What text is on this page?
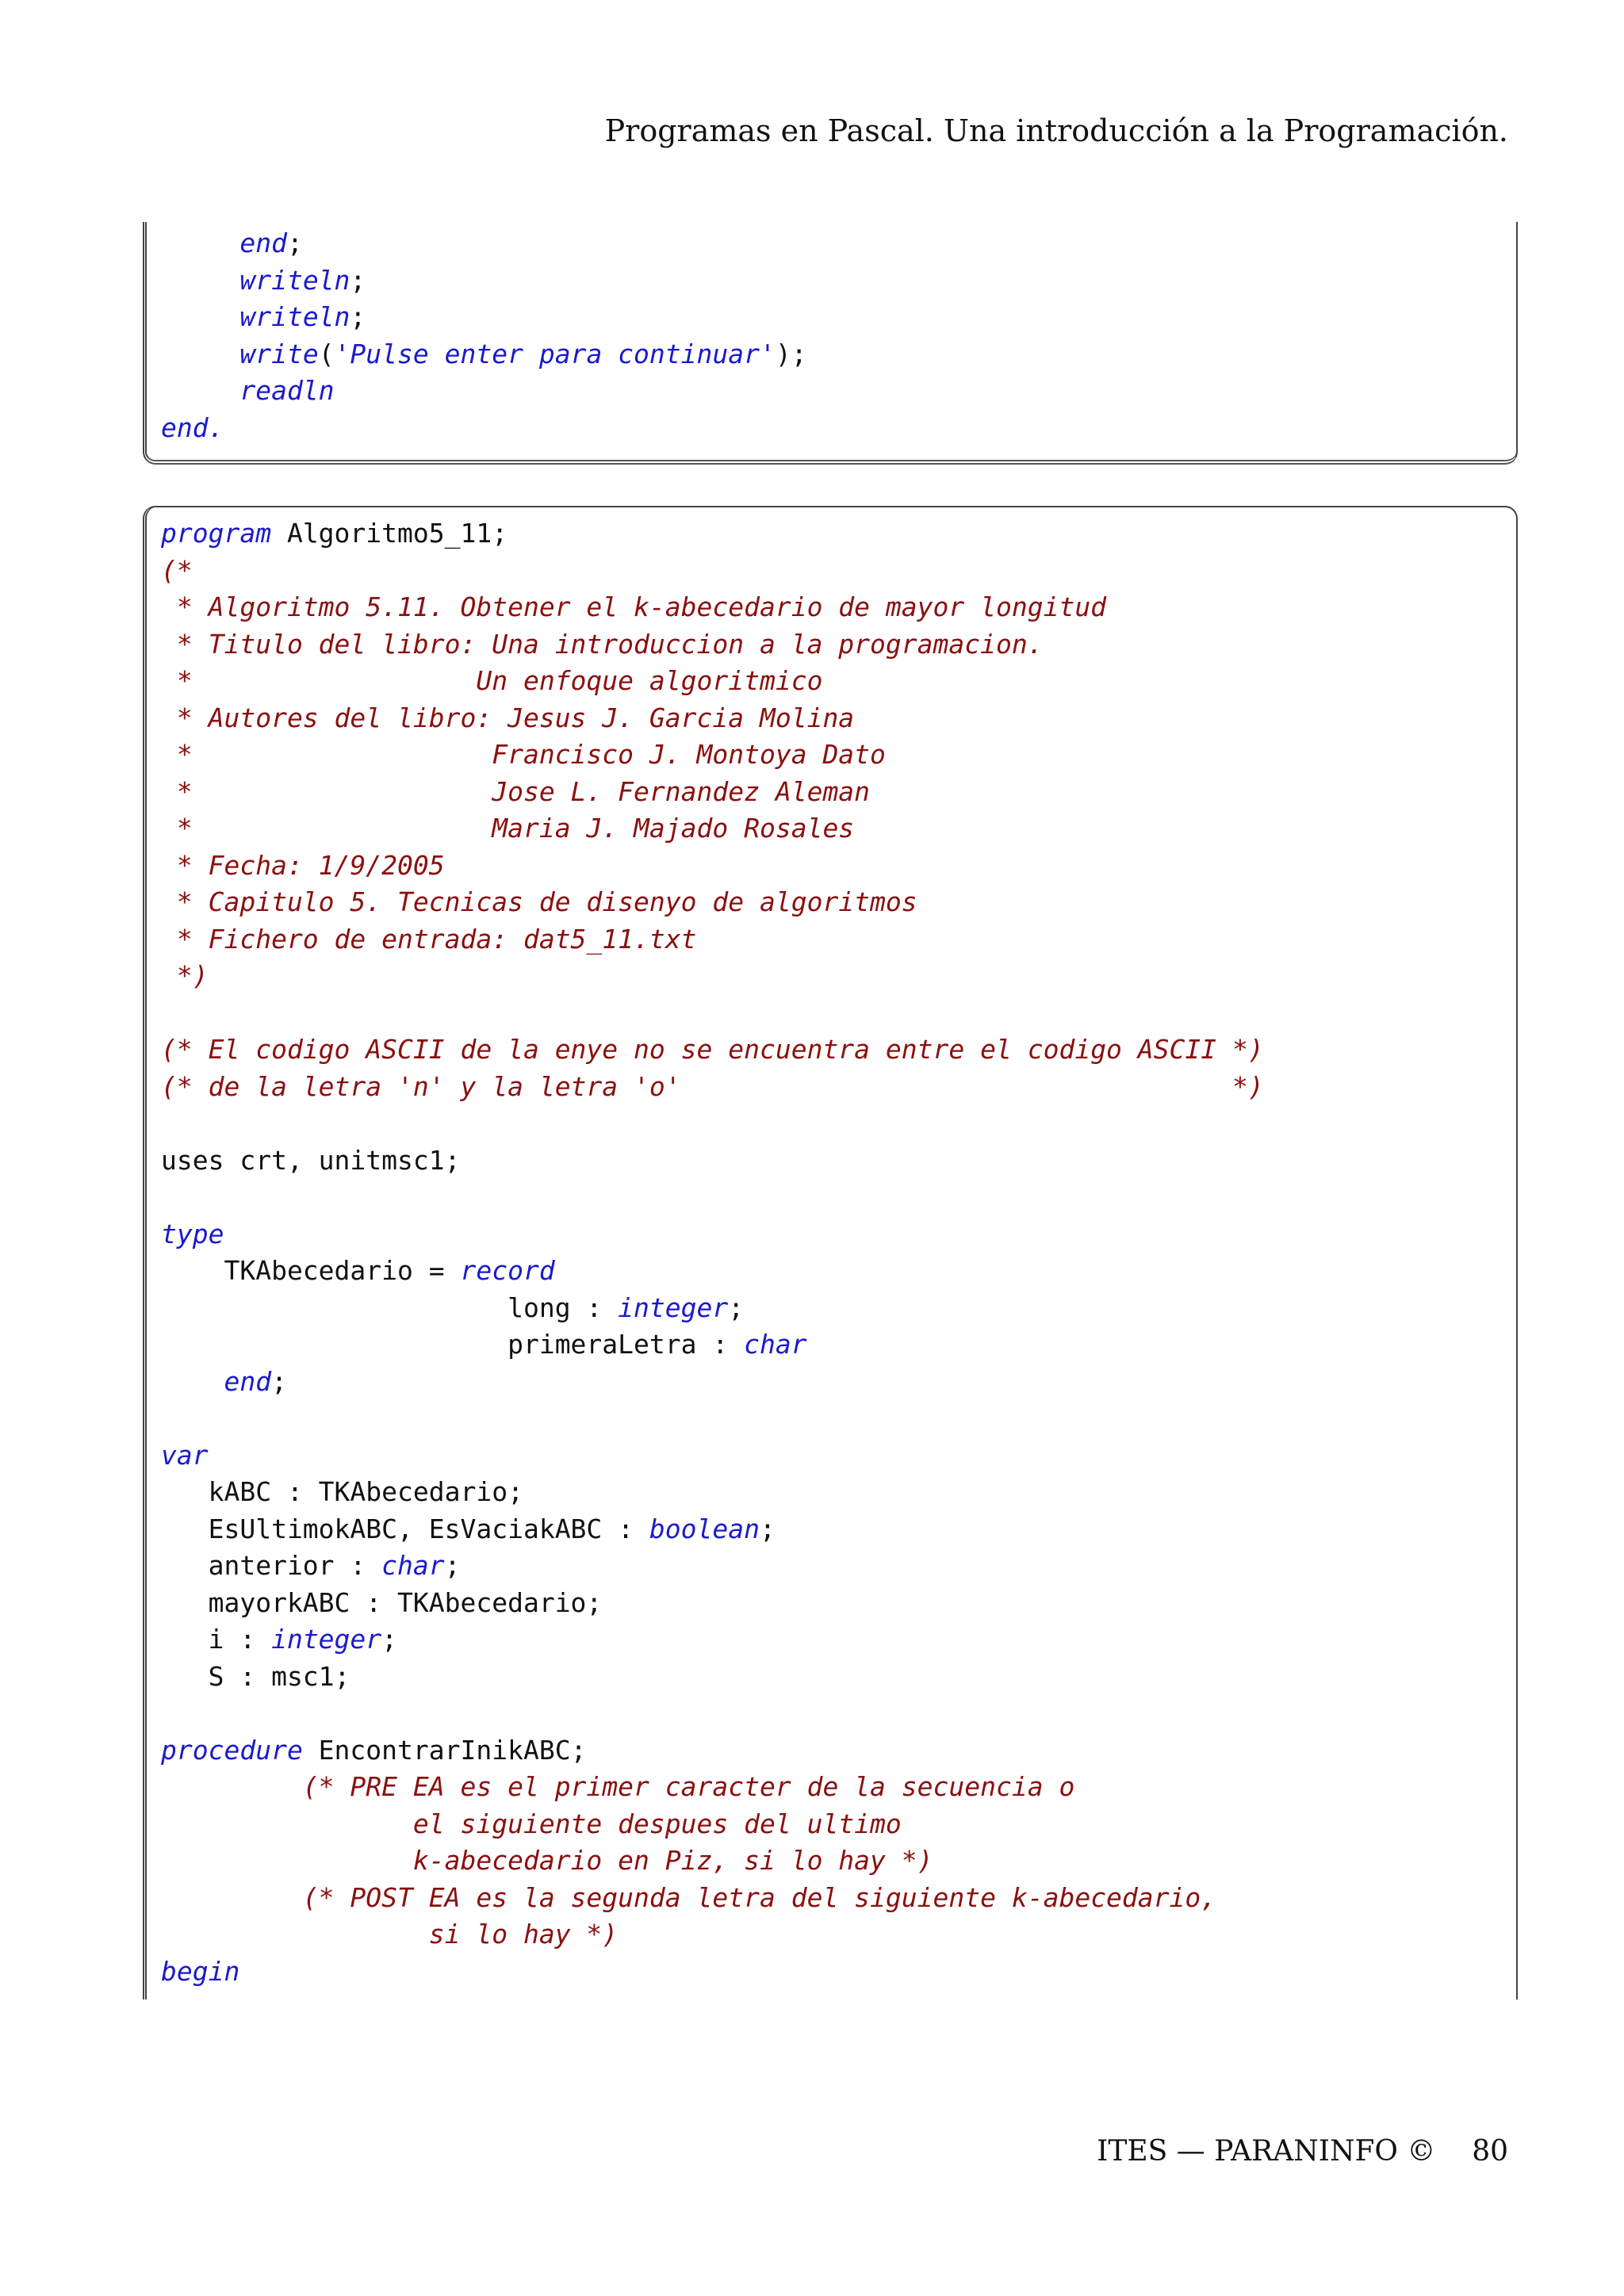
Programas en Pascal. Una introducción a la Programación.
end;
writeln;
writeln;
write('Pulse enter para continuar');
readln
end.
program Algoritmo5_11;
(*
* Algoritmo 5.11. Obtener el k-abecedario de mayor longitud
* Titulo del libro: Una introduccion a la programacion.
*                  Un enfoque algoritmico
* Autores del libro: Jesus J. Garcia Molina
*                   Francisco J. Montoya Dato
*                   Jose L. Fernandez Aleman
*                   Maria J. Majado Rosales
* Fecha: 1/9/2005
* Capitulo 5. Tecnicas de disenyo de algoritmos
* Fichero de entrada: dat5_11.txt
*)
(* El codigo ASCII de la enye no se encuentra entre el codigo ASCII *)
(* de la letra 'n' y la letra 'o'                                   *)
uses crt, unitmsc1;
type
TKAbecedario = record
long : integer;
primeraLetra : char
end;
var
kABC : TKAbecedario;
EsUltimokABC, EsVaciakABC : boolean;
anterior : char;
mayorkABC : TKAbecedario;
i : integer;
S : msc1;
procedure EncontrarInikABC;
(* PRE EA es el primer caracter de la secuencia o
el siguiente despues del ultimo
k-abecedario en Piz, si lo hay *)
(* POST EA es la segunda letra del siguiente k-abecedario,
si lo hay *)
begin
ITES — PARANINFO © 80
